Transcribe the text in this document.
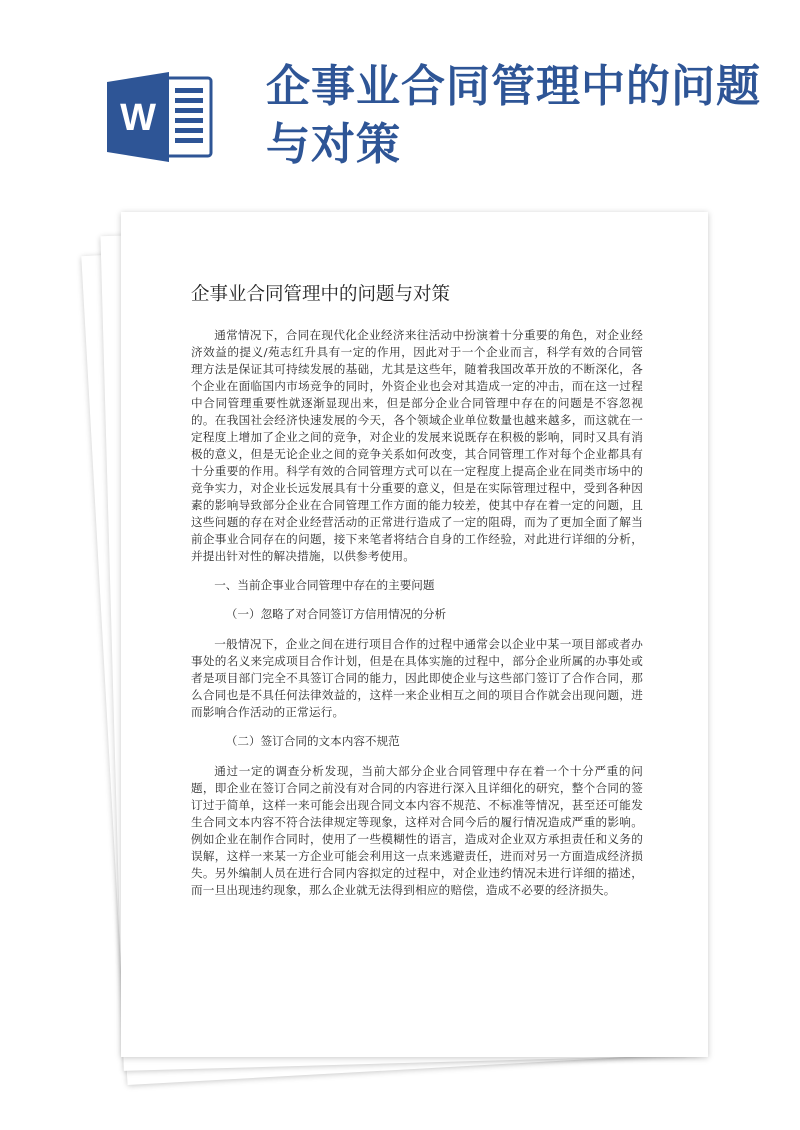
W
企事业合同管理中的问题与对策
企事业合同管理中的问题与对策

通常情况下，合同在现代化企业经济来往活动中扮演着十分重要的角色，对企业经济效益的提义/苑志红升具有一定的作用，因此对于一个企业而言，科学有效的合同管理方法是保证其可持续发展的基础，尤其是这些年，随着我国改革开放的不断深化，各个企业在面临国内市场竞争的同时，外资企业也会对其造成一定的冲击，而在这一过程中合同管理重要性就逐渐显现出来，但是部分企业合同管理中存在的问题是不容忽视的。在我国社会经济快速发展的今天，各个领域企业单位数量也越来越多，而这就在一定程度上增加了企业之间的竞争，对企业的发展来说既存在积极的影响，同时又具有消极的意义，但是无论企业之间的竞争关系如何改变，其合同管理工作对每个企业都具有十分重要的作用。科学有效的合同管理方式可以在一定程度上提高企业在同类市场中的竞争实力，对企业长远发展具有十分重要的意义，但是在实际管理过程中，受到各种因素的影响导致部分企业在合同管理工作方面的能力较差，使其中存在着一定的问题，且这些问题的存在对企业经营活动的正常进行造成了一定的阻碍，而为了更加全面了解当前企事业合同存在的问题，接下来笔者将结合自身的工作经验，对此进行详细的分析，并提出针对性的解决措施，以供参考使用。

一、当前企事业合同管理中存在的主要问题

（一）忽略了对合同签订方信用情况的分析

一般情况下，企业之间在进行项目合作的过程中通常会以企业中某一项目部或者办事处的名义来完成项目合作计划，但是在具体实施的过程中，部分企业所属的办事处或者是项目部门完全不具签订合同的能力，因此即使企业与这些部门签订了合作合同，那么合同也是不具任何法律效益的，这样一来企业相互之间的项目合作就会出现问题，进而影响合作活动的正常运行。

（二）签订合同的文本内容不规范

通过一定的调查分析发现，当前大部分企业合同管理中存在着一个十分严重的问题，即企业在签订合同之前没有对合同的内容进行深入且详细化的研究，整个合同的签订过于简单，这样一来可能会出现合同文本内容不规范、不标准等情况，甚至还可能发生合同文本内容不符合法律规定等现象，这样对合同今后的履行情况造成严重的影响。例如企业在制作合同时，使用了一些模糊性的语言，造成对企业双方承担责任和义务的误解，这样一来某一方企业可能会利用这一点来逃避责任，进而对另一方面造成经济损失。另外编制人员在进行合同内容拟定的过程中，对企业违约情况未进行详细的描述，而一旦出现违约现象，那么企业就无法得到相应的赔偿，造成不必要的经济损失。
